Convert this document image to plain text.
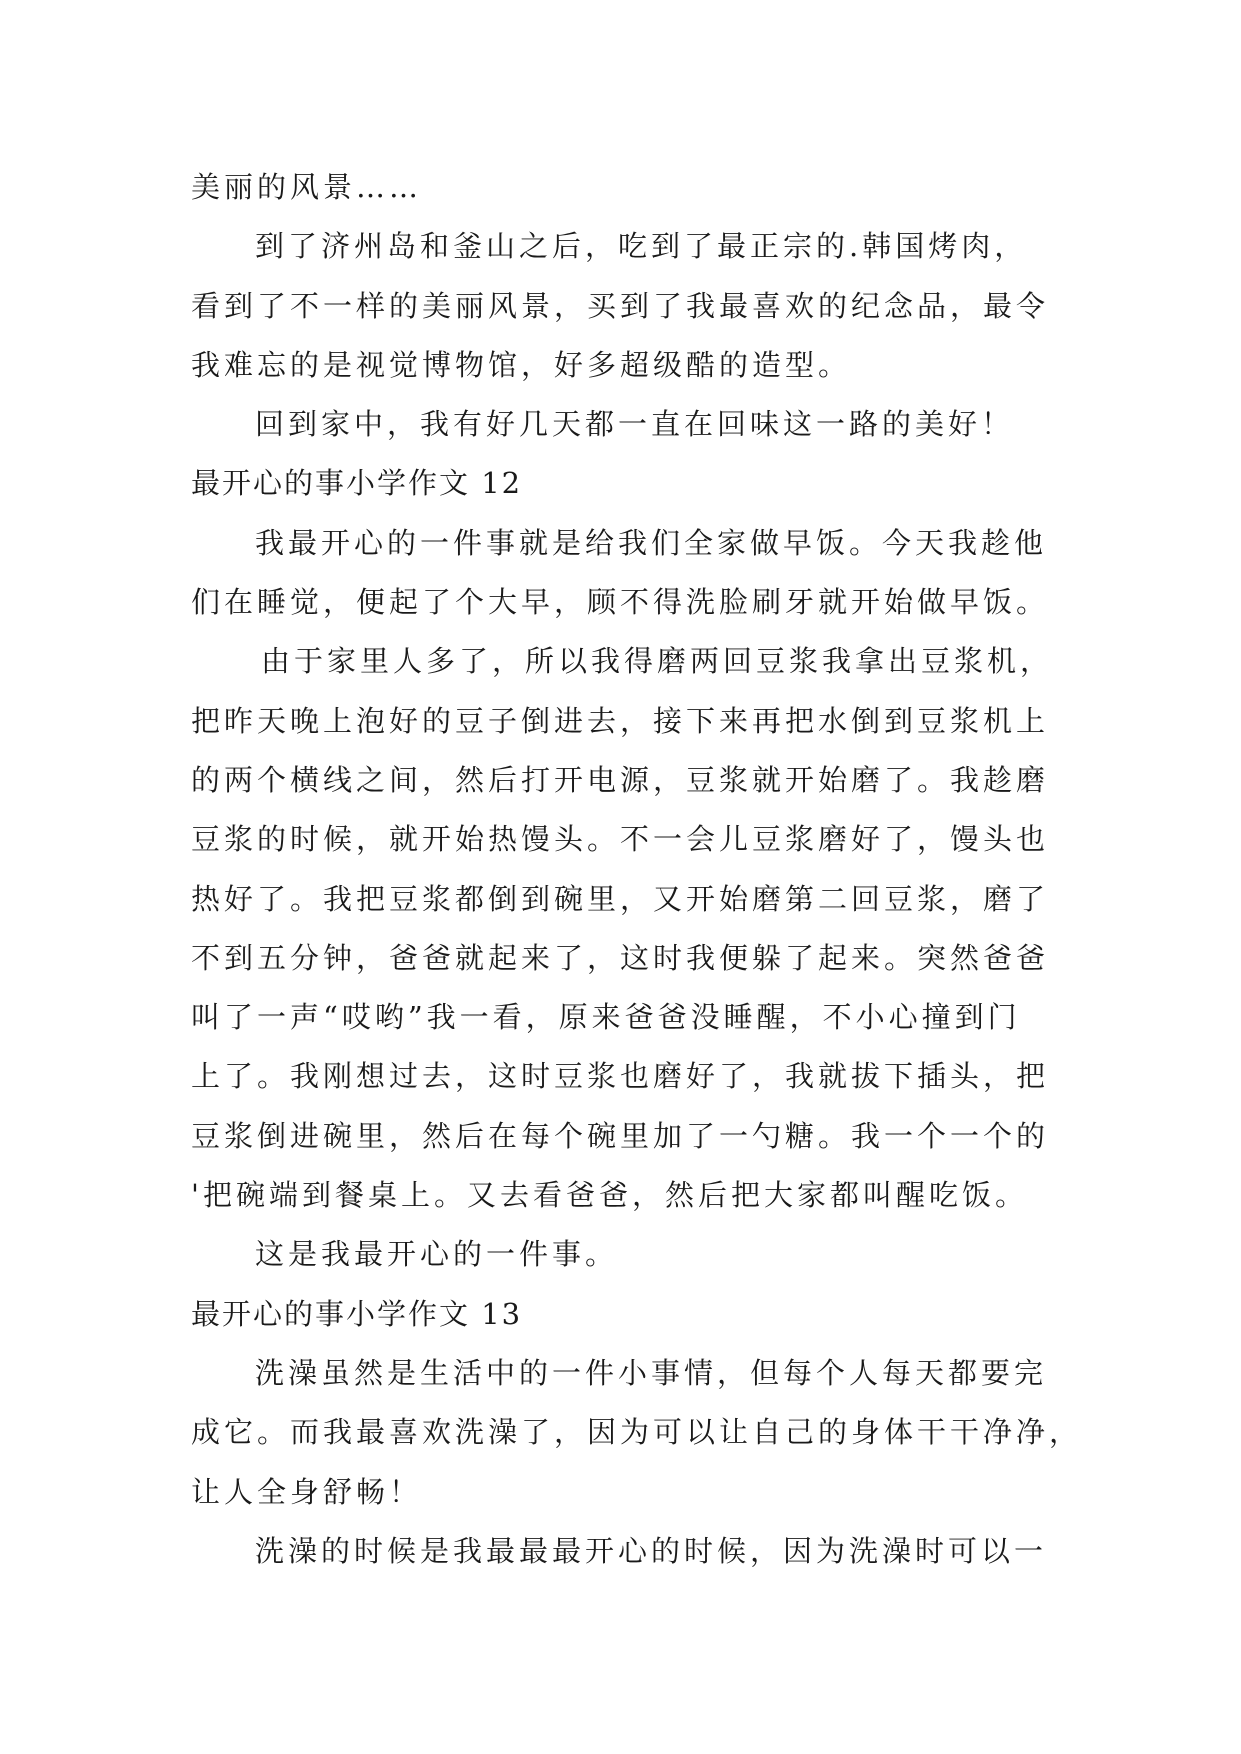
美丽的风景……
到了济州岛和釜山之后，吃到了最正宗的.韩国烤肉，
看到了不一样的美丽风景，买到了我最喜欢的纪念品，最令
我难忘的是视觉博物馆，好多超级酷的造型。
回到家中，我有好几天都一直在回味这一路的美好！
最开心的事小学作文 12
我最开心的一件事就是给我们全家做早饭。今天我趁他
们在睡觉，便起了个大早，顾不得洗脸刷牙就开始做早饭。
由于家里人多了，所以我得磨两回豆浆我拿出豆浆机，
把昨天晚上泡好的豆子倒进去，接下来再把水倒到豆浆机上
的两个横线之间，然后打开电源，豆浆就开始磨了。我趁磨
豆浆的时候，就开始热馒头。不一会儿豆浆磨好了，馒头也
热好了。我把豆浆都倒到碗里，又开始磨第二回豆浆，磨了
不到五分钟，爸爸就起来了，这时我便躲了起来。突然爸爸
叫了一声“哎哟”我一看，原来爸爸没睡醒，不小心撞到门
上了。我刚想过去，这时豆浆也磨好了，我就拔下插头，把
豆浆倒进碗里，然后在每个碗里加了一勺糖。我一个一个的
'把碗端到餐桌上。又去看爸爸，然后把大家都叫醒吃饭。
这是我最开心的一件事。
最开心的事小学作文 13
洗澡虽然是生活中的一件小事情，但每个人每天都要完
成它。而我最喜欢洗澡了，因为可以让自己的身体干干净净，
让人全身舒畅！
洗澡的时候是我最最最开心的时候，因为洗澡时可以一
